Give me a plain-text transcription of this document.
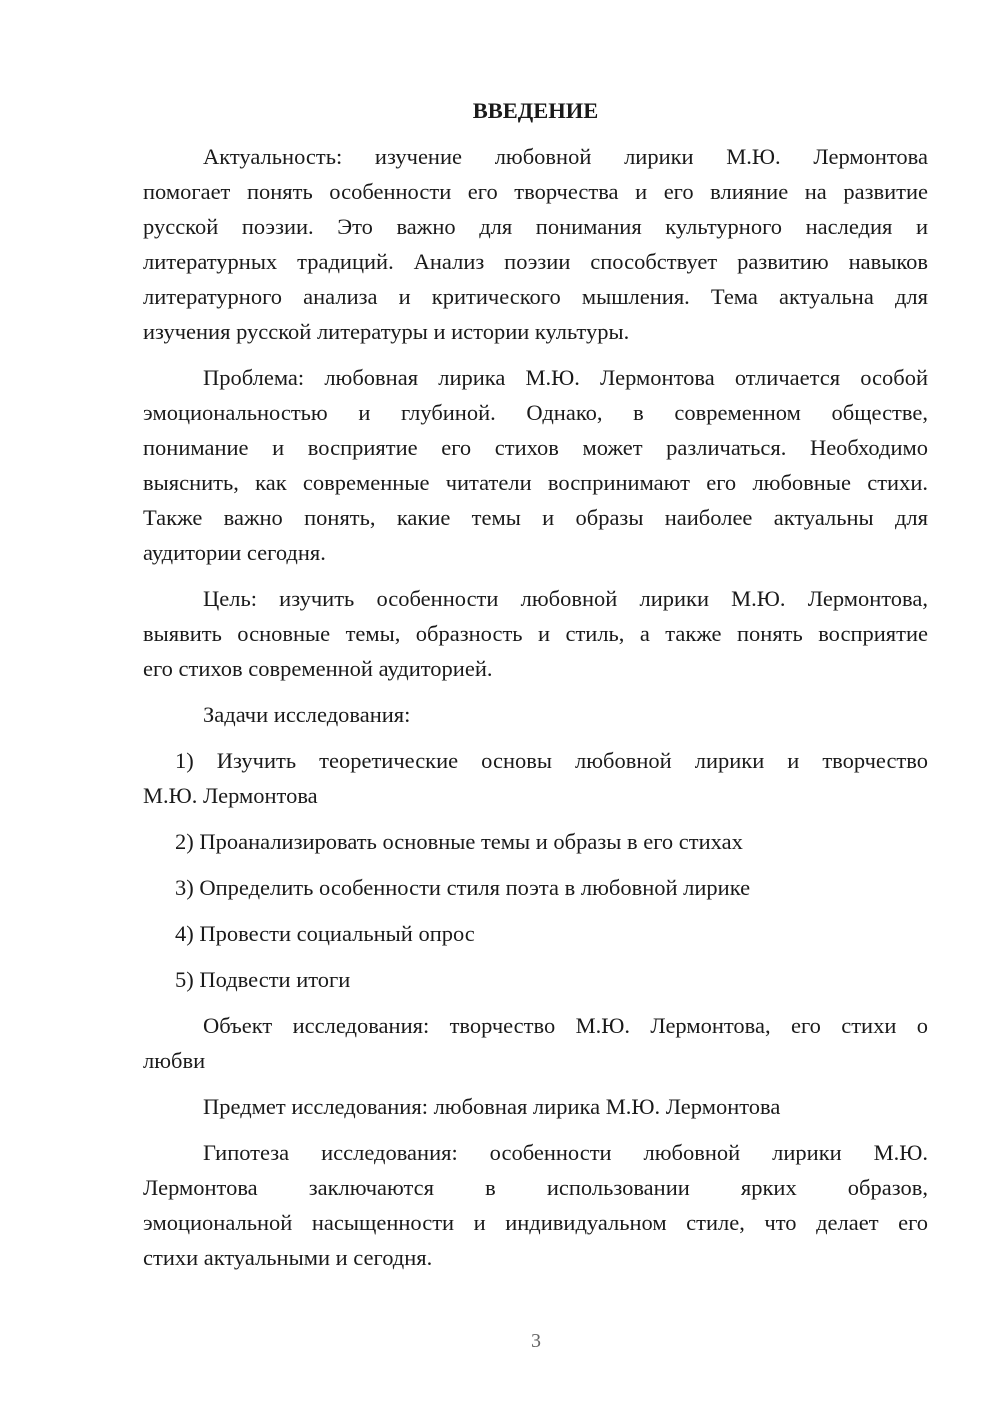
ВВЕДЕНИЕ
Актуальность: изучение любовной лирики М.Ю. Лермонтова
помогает понять особенности его творчества и его влияние на развитие
русской поэзии. Это важно для понимания культурного наследия и
литературных традиций. Анализ поэзии способствует развитию навыков
литературного анализа и критического мышления. Тема актуальна для
изучения русской литературы и истории культуры.
Проблема: любовная лирика М.Ю. Лермонтова отличается особой
эмоциональностью и глубиной. Однако, в современном обществе,
понимание и восприятие его стихов может различаться. Необходимо
выяснить, как современные читатели воспринимают его любовные стихи.
Также важно понять, какие темы и образы наиболее актуальны для
аудитории сегодня.
Цель: изучить особенности любовной лирики М.Ю. Лермонтова,
выявить основные темы, образность и стиль, а также понять восприятие
его стихов современной аудиторией.
Задачи исследования:
1) Изучить теоретические основы любовной лирики и творчество
М.Ю. Лермонтова
2) Проанализировать основные темы и образы в его стихах
3) Определить особенности стиля поэта в любовной лирике
4) Провести социальный опрос
5) Подвести итоги
Объект исследования: творчество М.Ю. Лермонтова, его стихи о
любви
Предмет исследования: любовная лирика М.Ю. Лермонтова
Гипотеза исследования: особенности любовной лирики М.Ю.
Лермонтова заключаются в использовании ярких образов,
эмоциональной насыщенности и индивидуальном стиле, что делает его
стихи актуальными и сегодня.
3
